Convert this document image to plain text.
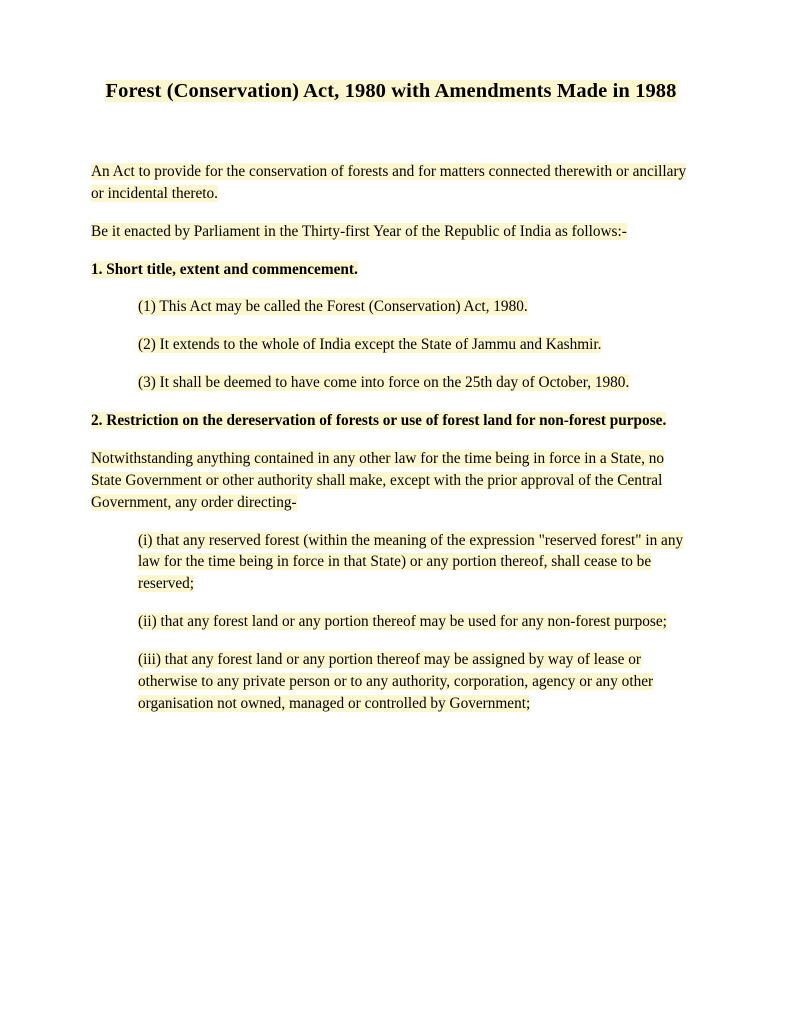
Forest (Conservation) Act, 1980 with Amendments Made in 1988

An Act to provide for the conservation of forests and for matters connected therewith or ancillary or incidental thereto.

Be it enacted by Parliament in the Thirty-first Year of the Republic of India as follows:-

1. Short title, extent and commencement.

(1) This Act may be called the Forest (Conservation) Act, 1980.

(2) It extends to the whole of India except the State of Jammu and Kashmir.

(3) It shall be deemed to have come into force on the 25th day of October, 1980.

2. Restriction on the dereservation of forests or use of forest land for non-forest purpose.

Notwithstanding anything contained in any other law for the time being in force in a State, no State Government or other authority shall make, except with the prior approval of the Central Government, any order directing-

(i) that any reserved forest (within the meaning of the expression "reserved forest" in any law for the time being in force in that State) or any portion thereof, shall cease to be reserved;

(ii) that any forest land or any portion thereof may be used for any non-forest purpose;

(iii) that any forest land or any portion thereof may be assigned by way of lease or otherwise to any private person or to any authority, corporation, agency or any other organisation not owned, managed or controlled by Government;
